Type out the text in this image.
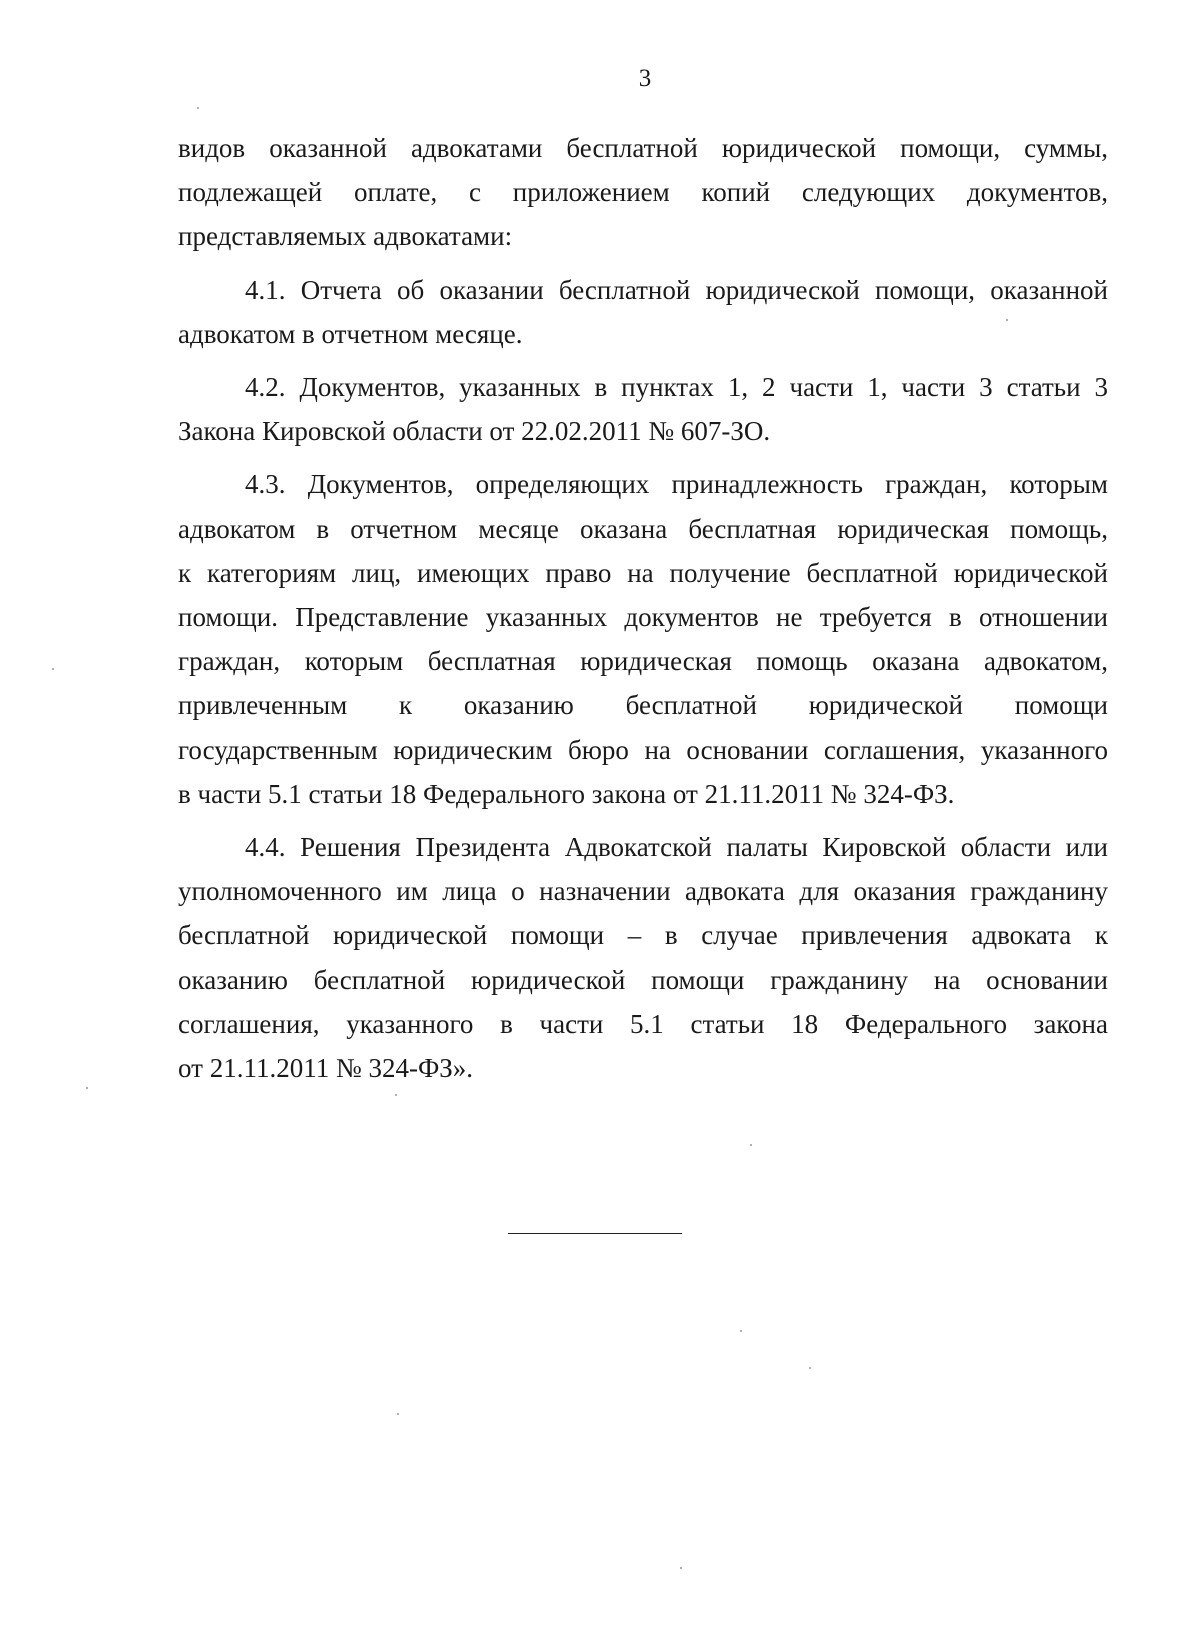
3

видов оказанной адвокатами бесплатной юридической помощи, суммы,
подлежащей оплате, с приложением копий следующих документов,
представляемых адвокатами:

4.1. Отчета об оказании бесплатной юридической помощи, оказанной
адвокатом в отчетном месяце.

4.2. Документов, указанных в пунктах 1, 2 части 1, части 3 статьи 3
Закона Кировской области от 22.02.2011 № 607-ЗО.

4.3. Документов, определяющих принадлежность граждан, которым
адвокатом в отчетном месяце оказана бесплатная юридическая помощь,
к категориям лиц, имеющих право на получение бесплатной юридической
помощи. Представление указанных документов не требуется в отношении
граждан, которым бесплатная юридическая помощь оказана адвокатом,
привлеченным к оказанию бесплатной юридической помощи
государственным юридическим бюро на основании соглашения, указанного
в части 5.1 статьи 18 Федерального закона от 21.11.2011 № 324-ФЗ.

4.4. Решения Президента Адвокатской палаты Кировской области или
уполномоченного им лица о назначении адвоката для оказания гражданину
бесплатной юридической помощи – в случае привлечения адвоката к
оказанию бесплатной юридической помощи гражданину на основании
соглашения, указанного в части 5.1 статьи 18 Федерального закона
от 21.11.2011 № 324-ФЗ».
